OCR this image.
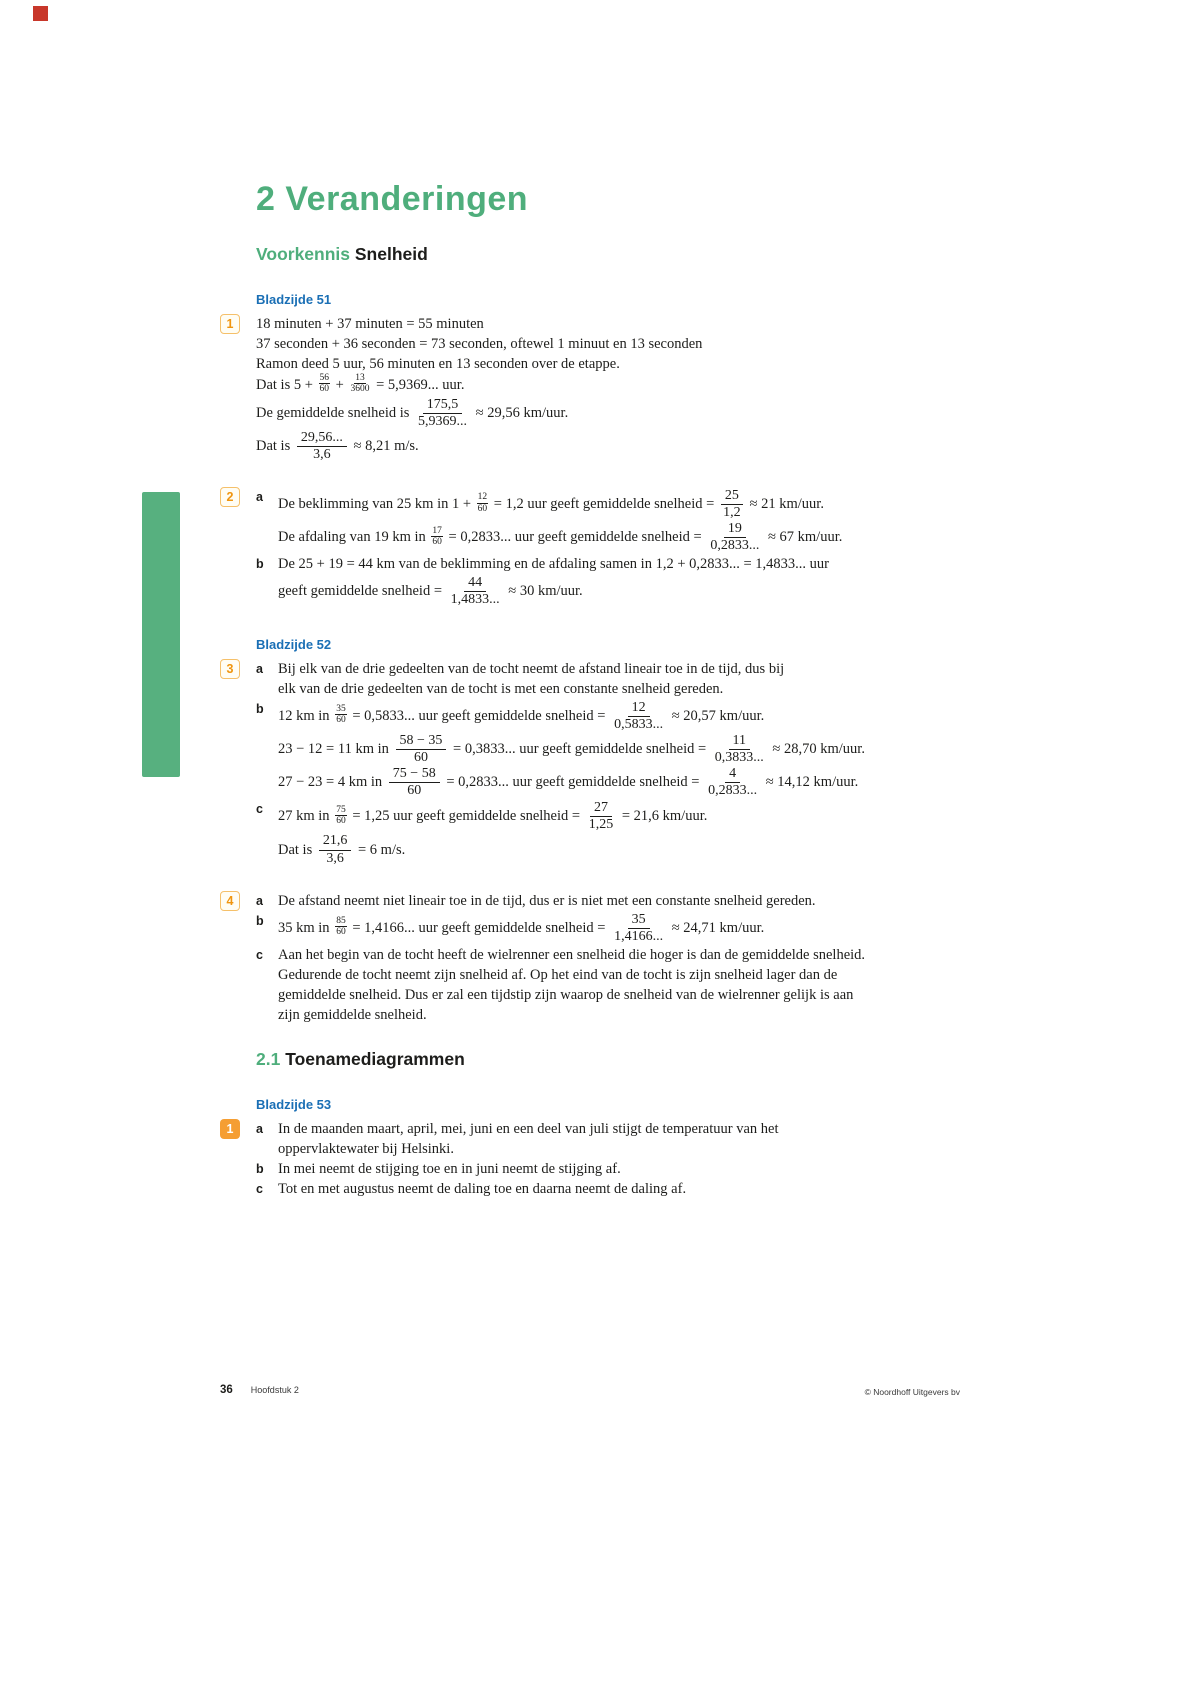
2 Veranderingen
Voorkennis Snelheid
Bladzijde 51
1	18 minuten + 37 minuten = 55 minuten
37 seconden + 36 seconden = 73 seconden, oftewel 1 minuut en 13 seconden
Ramon deed 5 uur, 56 minuten en 13 seconden over de etappe.
Dat is $5 + \frac{56}{60} + \frac{13}{3600} = 5,9369$... uur.
De gemiddelde snelheid is $\frac{175,5}{5,9369...} \approx 29,56$ km/uur.
Dat is $\frac{29,56...}{3,6} \approx 8,21$ m/s.
2	a	De beklimming van 25 km in $1 + \frac{12}{60} = 1,2$ uur geeft gemiddelde snelheid = $\frac{25}{1,2} \approx 21$ km/uur.
De afdaling van 19 km in $\frac{17}{60} = 0,2833$... uur geeft gemiddelde snelheid = $\frac{19}{0,2833...} \approx 67$ km/uur.
b De 25 + 19 = 44 km van de beklimming en de afdaling samen in 1,2 + 0,2833... = 1,4833... uur
geeft gemiddelde snelheid = $\frac{44}{1,4833...} \approx 30$ km/uur.
Bladzijde 52
3	a	Bij elk van de drie gedeelten van de tocht neemt de afstand lineair toe in de tijd, dus bij
elk van de drie gedeelten van de tocht is met een constante snelheid gereden.
b 12 km in $\frac{35}{60} = 0,5833$... uur geeft gemiddelde snelheid = $\frac{12}{0,5833...} \approx 20,57$ km/uur.
23 − 12 = 11 km in $\frac{58 - 35}{60} = 0,3833$... uur geeft gemiddelde snelheid = $\frac{11}{0,3833...} \approx 28,70$ km/uur.
27 − 23 = 4 km in $\frac{75 - 58}{60} = 0,2833$... uur geeft gemiddelde snelheid = $\frac{4}{0,2833...} \approx 14,12$ km/uur.
c	27 km in $\frac{75}{60} = 1,25$ uur geeft gemiddelde snelheid = $\frac{27}{1,25} = 21,6$ km/uur.
Dat is $\frac{21,6}{3,6} = 6$ m/s.
4	a	De afstand neemt niet lineair toe in de tijd, dus er is niet met een constante snelheid gereden.
b 35 km in $\frac{85}{60} = 1,4166$... uur geeft gemiddelde snelheid = $\frac{35}{1,4166...} \approx 24,71$ km/uur.
c	Aan het begin van de tocht heeft de wielrenner een snelheid die hoger is dan de gemiddelde snelheid.
Gedurende de tocht neemt zijn snelheid af. Op het eind van de tocht is zijn snelheid lager dan de
gemiddelde snelheid. Dus er zal een tijdstip zijn waarop de snelheid van de wielrenner gelijk is aan
zijn gemiddelde snelheid.
2.1 Toenamediagrammen
Bladzijde 53
1	a	In de maanden maart, april, mei, juni en een deel van juli stijgt de temperatuur van het
oppervlaktewater bij Helsinki.
b In mei neemt de stijging toe en in juni neemt de stijging af.
c	Tot en met augustus neemt de daling toe en daarna neemt de daling af.
36 Hoofdstuk 2	© Noordhoff Uitgevers bv
